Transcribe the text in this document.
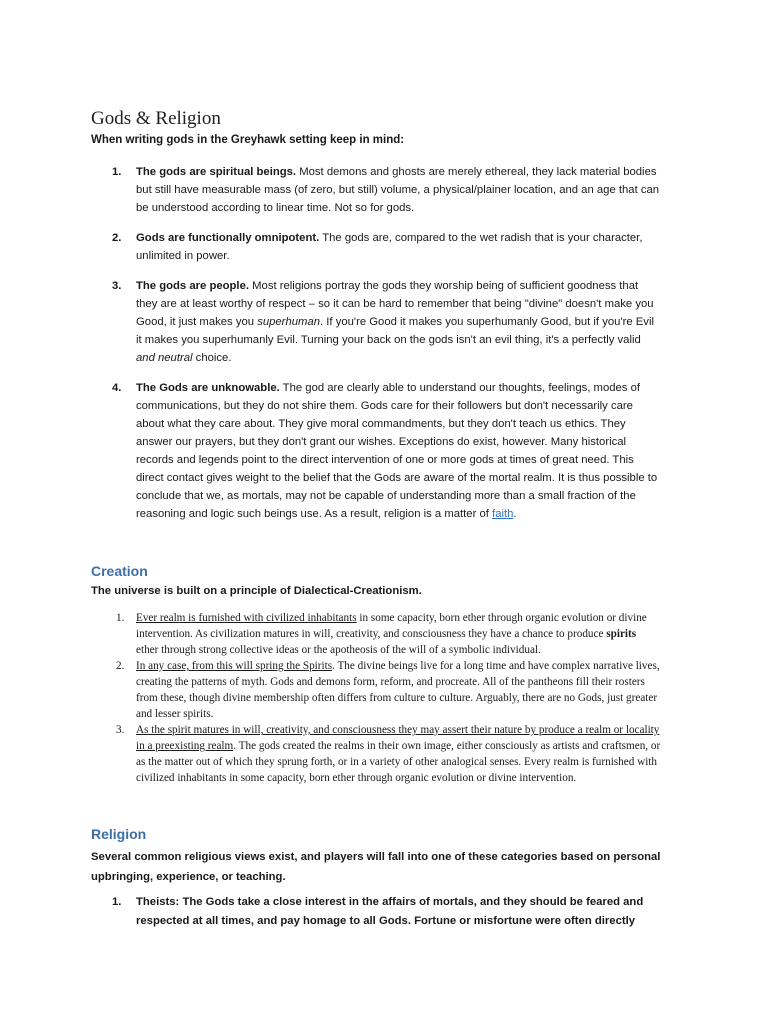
Gods & Religion
When writing gods in the Greyhawk setting keep in mind:
1. The gods are spiritual beings. Most demons and ghosts are merely ethereal, they lack material bodies but still have measurable mass (of zero, but still) volume, a physical/plainer location, and an age that can be understood according to linear time. Not so for gods.
2. Gods are functionally omnipotent. The gods are, compared to the wet radish that is your character, unlimited in power.
3. The gods are people. Most religions portray the gods they worship being of sufficient goodness that they are at least worthy of respect – so it can be hard to remember that being "divine" doesn't make you Good, it just makes you superhuman. If you're Good it makes you superhumanly Good, but if you're Evil it makes you superhumanly Evil. Turning your back on the gods isn't an evil thing, it's a perfectly valid and neutral choice.
4. The Gods are unknowable. The god are clearly able to understand our thoughts, feelings, modes of communications, but they do not shire them. Gods care for their followers but don't necessarily care about what they care about. They give moral commandments, but they don't teach us ethics. They answer our prayers, but they don't grant our wishes. Exceptions do exist, however. Many historical records and legends point to the direct intervention of one or more gods at times of great need. This direct contact gives weight to the belief that the Gods are aware of the mortal realm. It is thus possible to conclude that we, as mortals, may not be capable of understanding more than a small fraction of the reasoning and logic such beings use. As a result, religion is a matter of faith.
Creation
The universe is built on a principle of Dialectical-Creationism.
1. Ever realm is furnished with civilized inhabitants in some capacity, born ether through organic evolution or divine intervention. As civilization matures in will, creativity, and consciousness they have a chance to produce spirits ether through strong collective ideas or the apotheosis of the will of a symbolic individual.
2. In any case, from this will spring the Spirits. The divine beings live for a long time and have complex narrative lives, creating the patterns of myth. Gods and demons form, reform, and procreate. All of the pantheons fill their rosters from these, though divine membership often differs from culture to culture. Arguably, there are no Gods, just greater and lesser spirits.
3. As the spirit matures in will, creativity, and consciousness they may assert their nature by produce a realm or locality in a preexisting realm. The gods created the realms in their own image, either consciously as artists and craftsmen, or as the matter out of which they sprung forth, or in a variety of other analogical senses. Every realm is furnished with civilized inhabitants in some capacity, born ether through organic evolution or divine intervention.
Religion
Several common religious views exist, and players will fall into one of these categories based on personal upbringing, experience, or teaching.
1. Theists: The Gods take a close interest in the affairs of mortals, and they should be feared and respected at all times, and pay homage to all Gods. Fortune or misfortune were often directly
